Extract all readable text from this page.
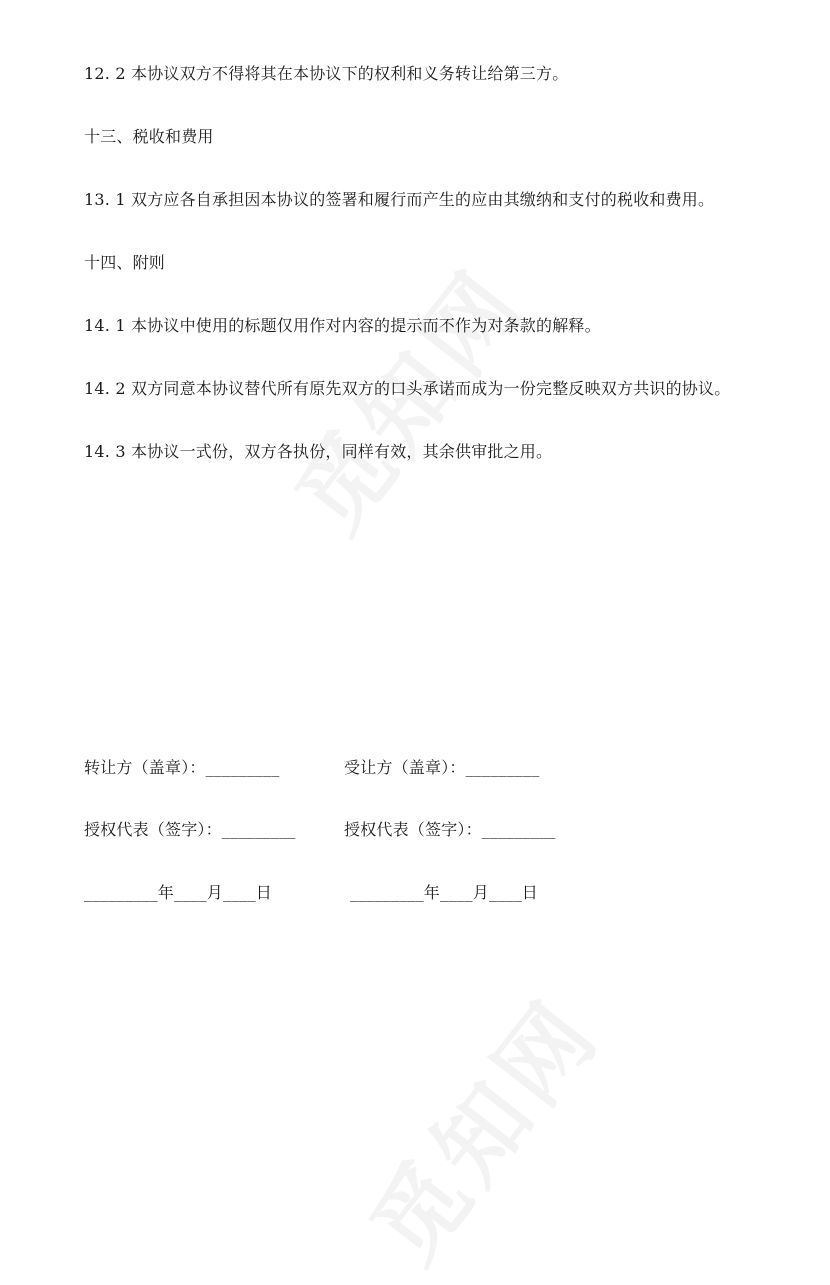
12. 2 本协议双方不得将其在本协议下的权利和义务转让给第三方。
十三、税收和费用
13. 1 双方应各自承担因本协议的签署和履行而产生的应由其缴纳和支付的税收和费用。
十四、附则
14. 1 本协议中使用的标题仅用作对内容的提示而不作为对条款的解释。
14. 2 双方同意本协议替代所有原先双方的口头承诺而成为一份完整反映双方共识的协议。
14. 3 本协议一式份，双方各执份，同样有效，其余供审批之用。
转让方（盖章）：_________	受让方（盖章）：_________
授权代表（签字）：_________	授权代表（签字）：_________
_________年____月____日	_________年____月____日
